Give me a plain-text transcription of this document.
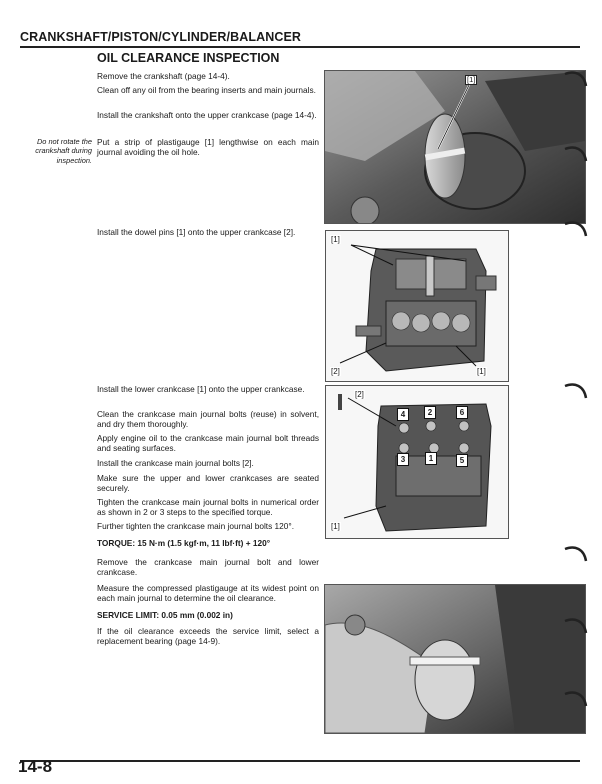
CRANKSHAFT/PISTON/CYLINDER/BALANCER
OIL CLEARANCE INSPECTION
Remove the crankshaft (page 14-4).
Clean off any oil from the bearing inserts and main journals.
Install the crankshaft onto the upper crankcase (page 14-4).
Do not rotate the crankshaft during inspection.
Put a strip of plastigauge [1] lengthwise on each main journal avoiding the oil hole.
[1]
Install the dowel pins [1] onto the upper crankcase [2].
[1]
[2]	[1]
Install the lower crankcase [1] onto the upper crankcase.
Clean the crankcase main journal bolts (reuse) in solvent, and dry them thoroughly.
Apply engine oil to the crankcase main journal bolt threads and seating surfaces.
Install the crankcase main journal bolts [2].
Make sure the upper and lower crankcases are seated securely.
Tighten the crankcase main journal bolts in numerical order as shown in 2 or 3 steps to the specified torque.
Further tighten the crankcase main journal bolts 120°.
TORQUE: 15 N·m (1.5 kgf·m, 11 lbf·ft) + 120°
Remove the crankcase main journal bolt and lower crankcase.
Measure the compressed plastigauge at its widest point on each main journal to determine the oil clearance.
SERVICE LIMIT: 0.05 mm (0.002 in)
If the oil clearance exceeds the service limit, select a replacement bearing (page 14-9).
[2]
[1]
4	2	6
3	1	5
14-8
